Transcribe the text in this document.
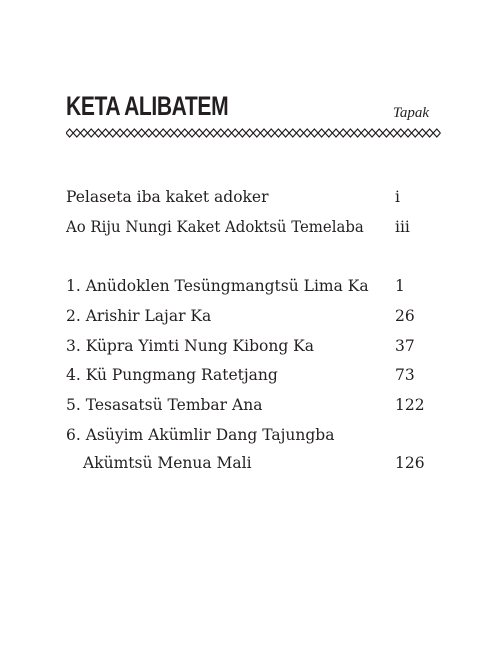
KETA ALIBATEM	Tapak
Pelaseta iba kaket adoker	i
Ao Riju Nungi Kaket Adoktsü Temelaba iii
1. Anüdoklen Tesüngmangtsü Lima Ka 1
2. Arishir Lajar Ka	26
3. Küpra Yimti Nung Kibong Ka	37
4. Kü Pungmang Ratetjang	73
5. Tesasatsü Tembar Ana	122
6. Asüyim Akümlir Dang Tajungba
Akümtsü Menua Mali	126
